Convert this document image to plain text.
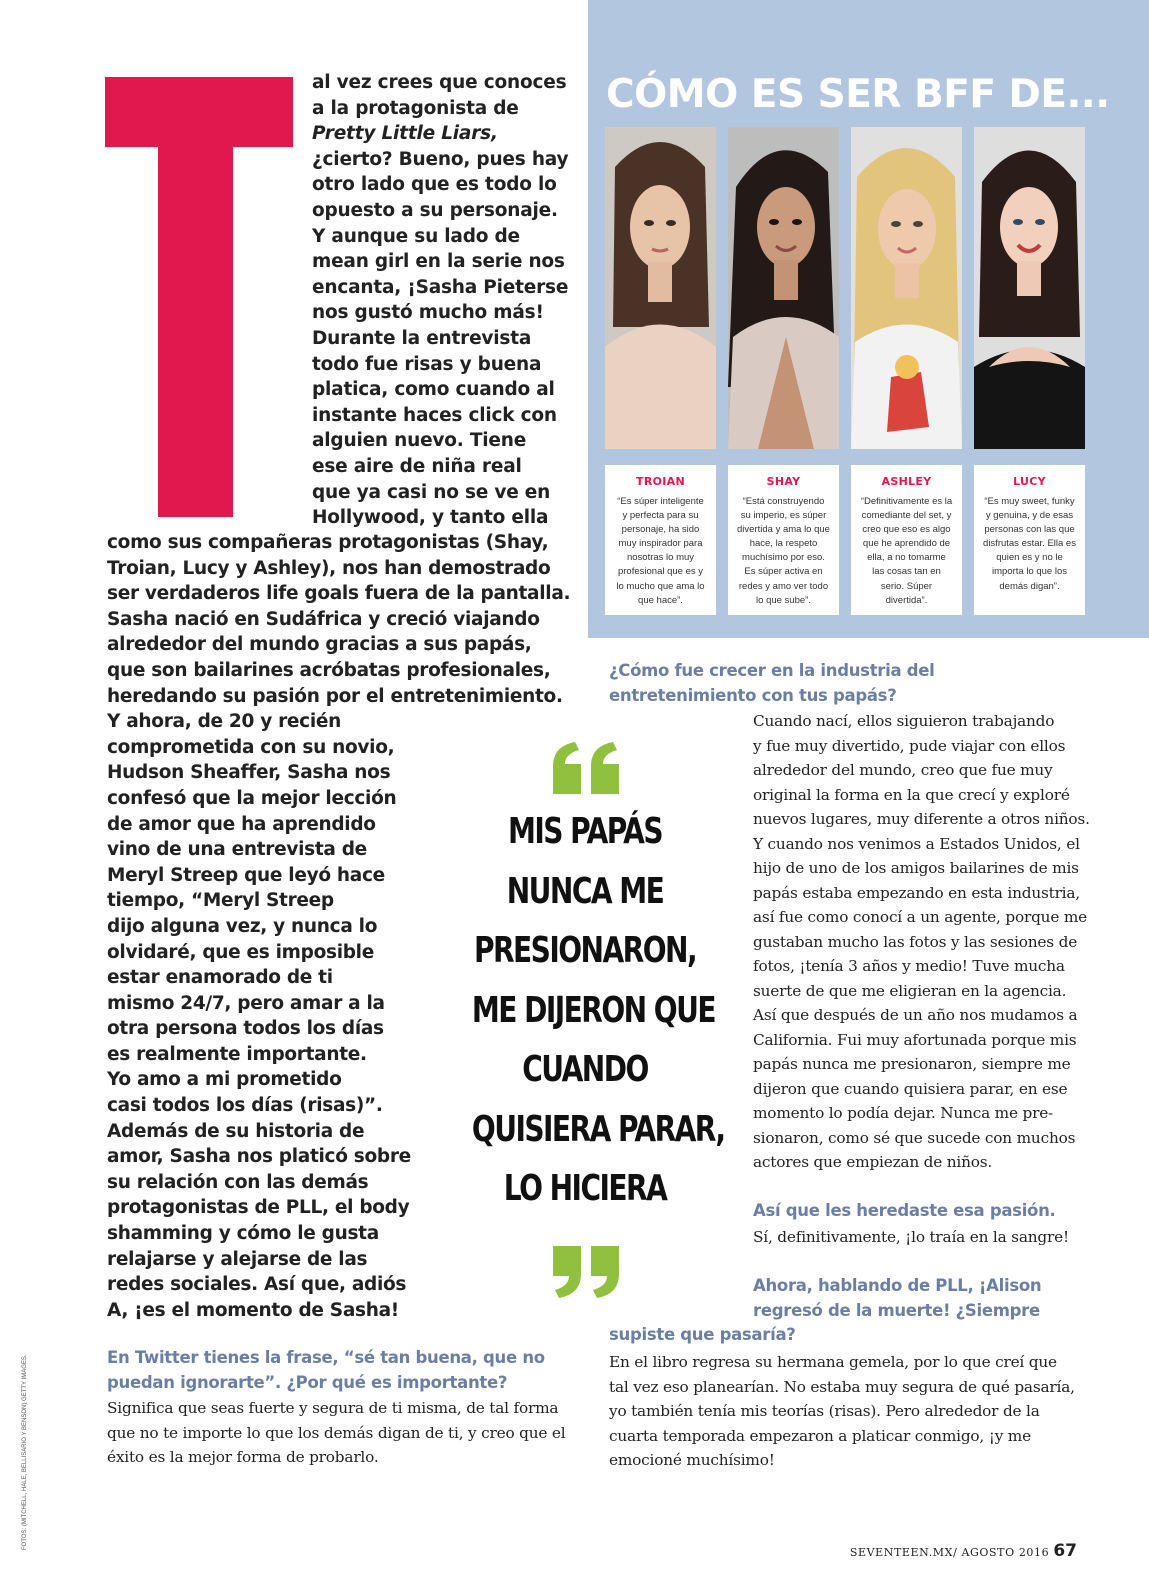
FOTOS: (MITCHELL, HALE, BELLISARIO Y BENSON) GETTY IMAGES.
al vez crees que conoces
a la protagonista de
Pretty Little Liars,
¿cierto? Bueno, pues hay
otro lado que es todo lo
opuesto a su personaje.
Y aunque su lado de
mean girl en la serie nos
encanta, ¡Sasha Pieterse
nos gustó mucho más!
Durante la entrevista
todo fue risas y buena
platica, como cuando al
instante haces click con
alguien nuevo. Tiene
ese aire de niña real
que ya casi no se ve en
Hollywood, y tanto ella
como sus compañeras protagonistas (Shay,
Troian, Lucy y Ashley), nos han demostrado
ser verdaderos life goals fuera de la pantalla.
Sasha nació en Sudáfrica y creció viajando
alrededor del mundo gracias a sus papás,
que son bailarines acróbatas profesionales,
heredando su pasión por el entretenimiento.
Y ahora, de 20 y recién
comprometida con su novio,
Hudson Sheaffer, Sasha nos
confesó que la mejor lección
de amor que ha aprendido
vino de una entrevista de
Meryl Streep que leyó hace
tiempo, “Meryl Streep
dijo alguna vez, y nunca lo
olvidaré, que es imposible
estar enamorado de ti
mismo 24/7, pero amar a la
otra persona todos los días
es realmente importante.
Yo amo a mi prometido
casi todos los días (risas)”.
Además de su historia de
amor, Sasha nos platicó sobre
su relación con las demás
protagonistas de PLL, el body
shamming y cómo le gusta
relajarse y alejarse de las
redes sociales. Así que, adiós
A, ¡es el momento de Sasha!
CÓMO ES SER BFF DE...
TROIAN
“Es súper inteligente y perfecta para su personaje, ha sido muy inspirador para nosotras lo muy profesional que es y lo mucho que ama lo que hace”.
SHAY
“Está construyendo su imperio, es súper divertida y ama lo que hace, la respeto muchísimo por eso. Es súper activa en redes y amo ver todo lo que sube”.
ASHLEY
“Definitivamente es la comediante del set, y creo que eso es algo que he aprendido de ella, a no tomarme las cosas tan en serio. Súper divertida”.
LUCY
“Es muy sweet, funky y genuina, y de esas personas con las que disfrutas estar. Ella es quien es y no le importa lo que los demás digan”.
MIS PAPÁS
NUNCA ME
PRESIONARON,
ME DIJERON QUE
CUANDO
QUISIERA PARAR,
LO HICIERA
En Twitter tienes la frase, “sé tan buena, que no
puedan ignorarte”. ¿Por qué es importante?
Significa que seas fuerte y segura de ti misma, de tal forma
que no te importe lo que los demás digan de ti, y creo que el
éxito es la mejor forma de probarlo.
¿Cómo fue crecer en la industria del
entretenimiento con tus papás?
Cuando nací, ellos siguieron trabajando
y fue muy divertido, pude viajar con ellos
alrededor del mundo, creo que fue muy
original la forma en la que crecí y exploré
nuevos lugares, muy diferente a otros niños.
Y cuando nos venimos a Estados Unidos, el
hijo de uno de los amigos bailarines de mis
papás estaba empezando en esta industria,
así fue como conocí a un agente, porque me
gustaban mucho las fotos y las sesiones de
fotos, ¡tenía 3 años y medio! Tuve mucha
suerte de que me eligieran en la agencia.
Así que después de un año nos mudamos a
California. Fui muy afortunada porque mis
papás nunca me presionaron, siempre me
dijeron que cuando quisiera parar, en ese
momento lo podía dejar. Nunca me pre-
sionaron, como sé que sucede con muchos
actores que empiezan de niños.
Así que les heredaste esa pasión.
Sí, definitivamente, ¡lo traía en la sangre!
Ahora, hablando de PLL, ¡Alison
regresó de la muerte! ¿Siempre
supiste que pasaría?
En el libro regresa su hermana gemela, por lo que creí que
tal vez eso planearían. No estaba muy segura de qué pasaría,
yo también tenía mis teorías (risas). Pero alrededor de la
cuarta temporada empezaron a platicar conmigo, ¡y me
emocioné muchísimo!
SEVENTEEN.MX/ AGOSTO 2016 67
